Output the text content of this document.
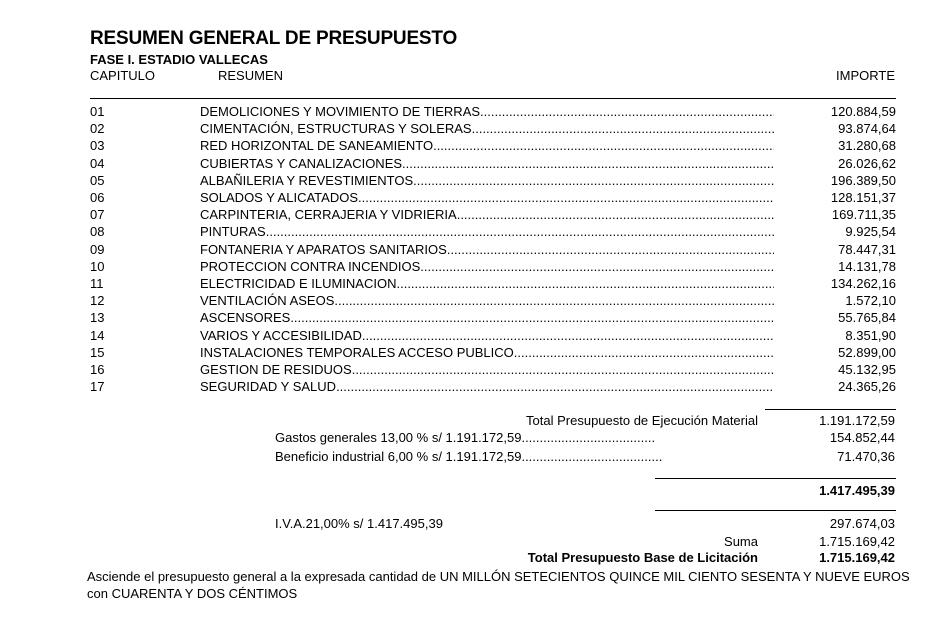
RESUMEN GENERAL DE PRESUPUESTO
FASE I. ESTADIO VALLECAS
CAPITULO	RESUMEN	IMPORTE
01	DEMOLICIONES Y MOVIMIENTO DE TIERRAS .....	120.884,59
02	CIMENTACIÓN, ESTRUCTURAS Y SOLERAS .....	93.874,64
03	RED HORIZONTAL DE SANEAMIENTO .....	31.280,68
04	CUBIERTAS Y CANALIZACIONES .....	26.026,62
05	ALBAÑILERIA Y REVESTIMIENTOS .....	196.389,50
06	SOLADOS Y ALICATADOS .....	128.151,37
07	CARPINTERIA, CERRAJERIA Y VIDRIERIA .....	169.711,35
08	PINTURAS .....	9.925,54
09	FONTANERIA Y APARATOS SANITARIOS .....	78.447,31
10	PROTECCION CONTRA INCENDIOS .....	14.131,78
11	ELECTRICIDAD E ILUMINACION .....	134.262,16
12	VENTILACIÓN ASEOS .....	1.572,10
13	ASCENSORES .....	55.765,84
14	VARIOS Y ACCESIBILIDAD .....	8.351,90
15	INSTALACIONES TEMPORALES ACCESO PUBLICO .....	52.899,00
16	GESTION DE RESIDUOS .....	45.132,95
17	SEGURIDAD Y SALUD .....	24.365,26
Total Presupuesto de Ejecución Material	1.191.172,59
Gastos generales 13,00 % s/ 1.191.172,59.....................................	154.852,44
Beneficio industrial 6,00 % s/ 1.191.172,59.......................................	71.470,36
1.417.495,39
I.V.A.21,00% s/ 1.417.495,39	297.674,03
Suma	1.715.169,42
Total Presupuesto Base de Licitación	1.715.169,42
Asciende el presupuesto general a la expresada cantidad de UN MILLÓN SETECIENTOS QUINCE MIL CIENTO SESENTA Y NUEVE EUROS
con CUARENTA Y DOS CÉNTIMOS
